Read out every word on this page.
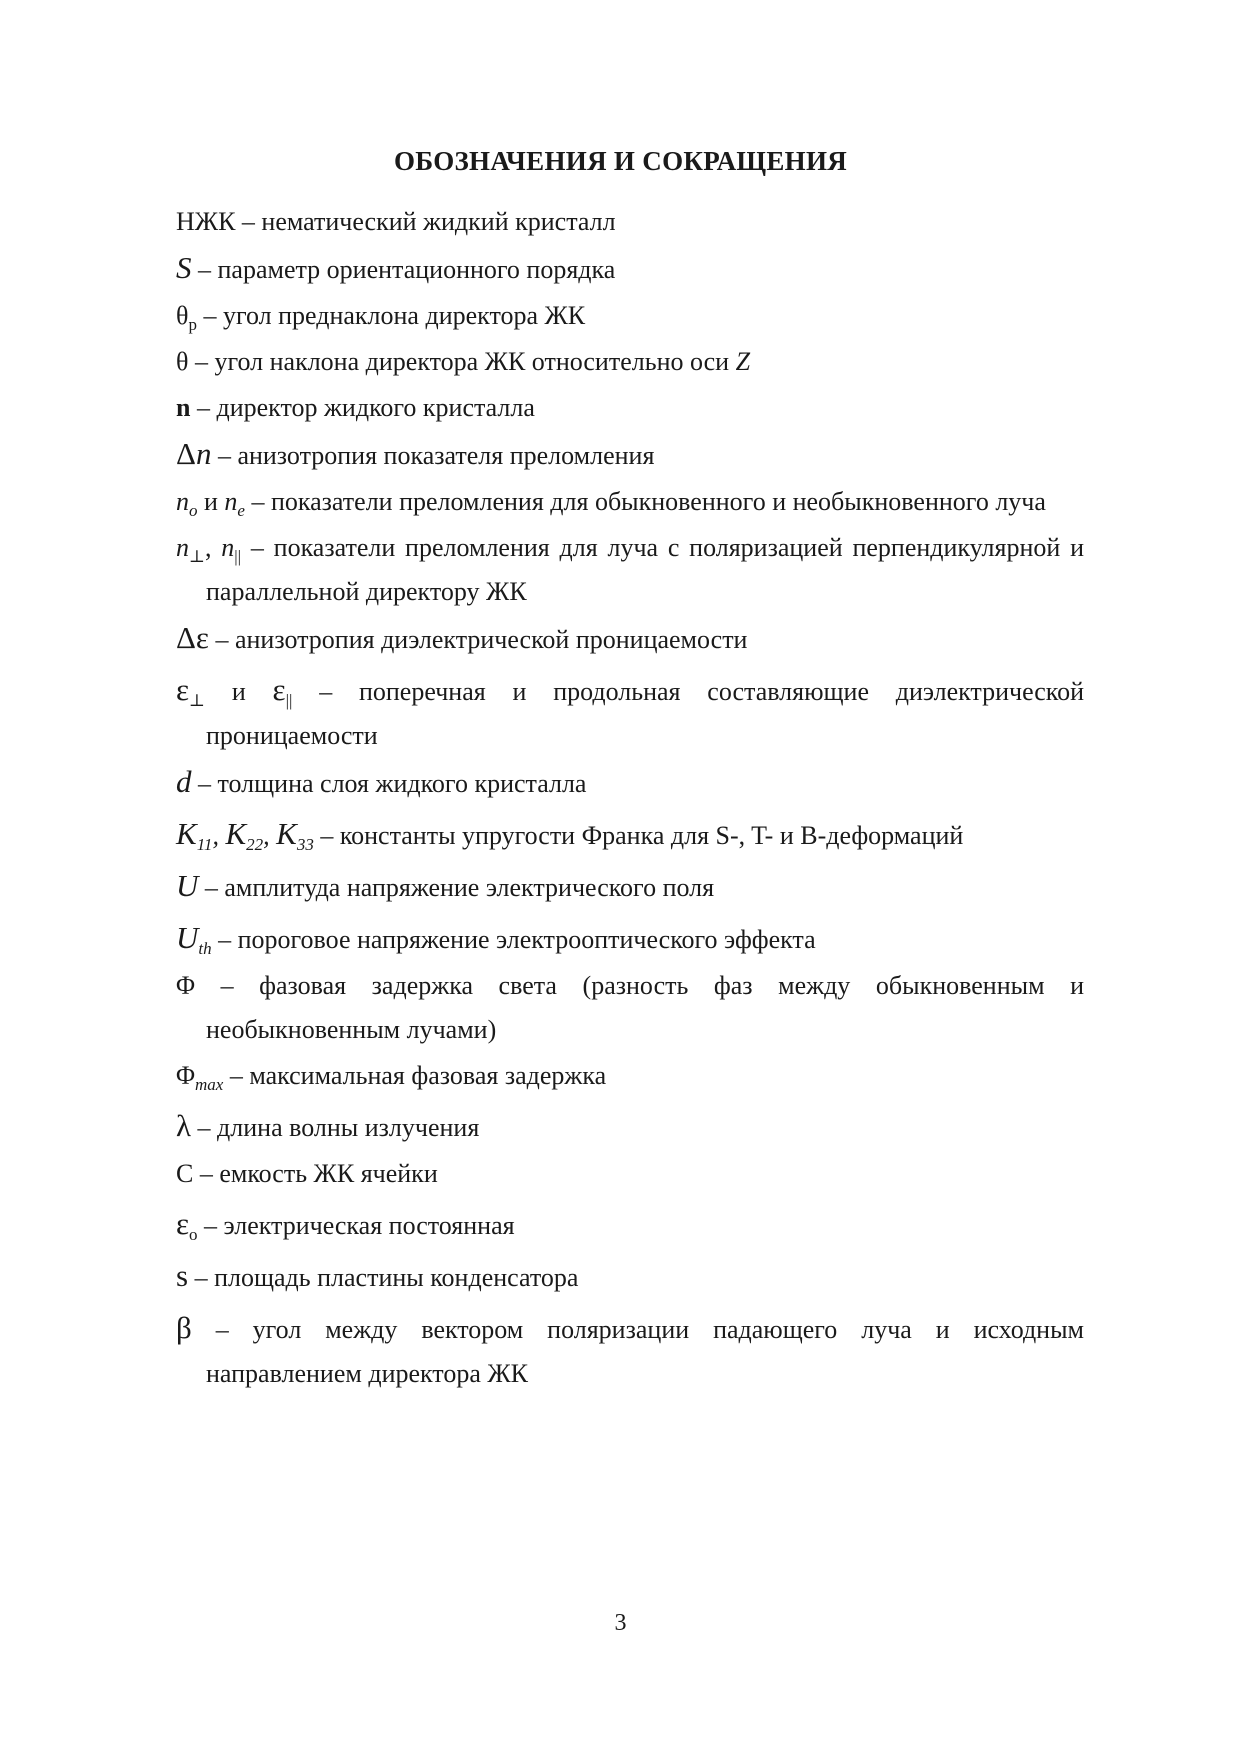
ОБОЗНАЧЕНИЯ И СОКРАЩЕНИЯ
НЖК – нематический жидкий кристалл
S – параметр ориентационного порядка
$\theta_p$ – угол преднаклона директора ЖК
θ – угол наклона директора ЖК относительно оси Z
n – директор жидкого кристалла
Δn – анизотропия показателя преломления
$n_o$ и $n_e$ – показатели преломления для обыкновенного и необыкновенного луча
$n_\perp$, $n_{||}$ – показатели преломления для луча с поляризацией перпендикулярной и параллельной директору ЖК
Δε – анизотропия диэлектрической проницаемости
$\varepsilon_\perp$ и $\varepsilon_{||}$ – поперечная и продольная составляющие диэлектрической проницаемости
d – толщина слоя жидкого кристалла
$K_{11}$, $K_{22}$, $K_{33}$ – константы упругости Франка для S-, T- и B-деформаций
U – амплитуда напряжение электрического поля
$U_{th}$ – пороговое напряжение электрооптического эффекта
Φ – фазовая задержка света (разность фаз между обыкновенным и необыкновенным лучами)
$\Phi_{max}$ – максимальная фазовая задержка
λ – длина волны излучения
C – емкость ЖК ячейки
$\varepsilon_o$ – электрическая постоянная
s – площадь пластины конденсатора
β – угол между вектором поляризации падающего луча и исходным направлением директора ЖК
3
